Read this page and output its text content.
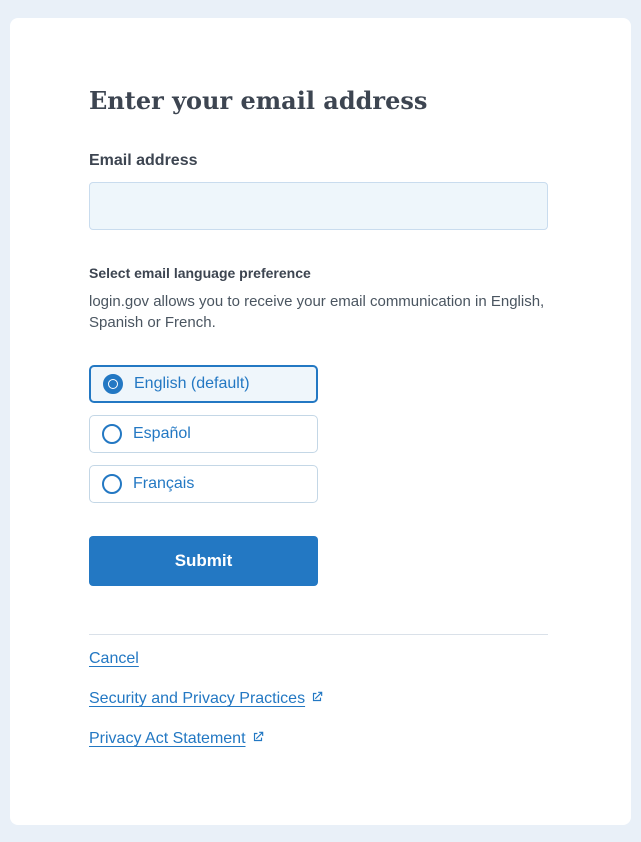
Enter your email address
Email address
Select email language preference

login.gov allows you to receive your email communication in English, Spanish or French.

English (default)
Español
Français
Submit
Cancel
Security and Privacy Practices
Privacy Act Statement
